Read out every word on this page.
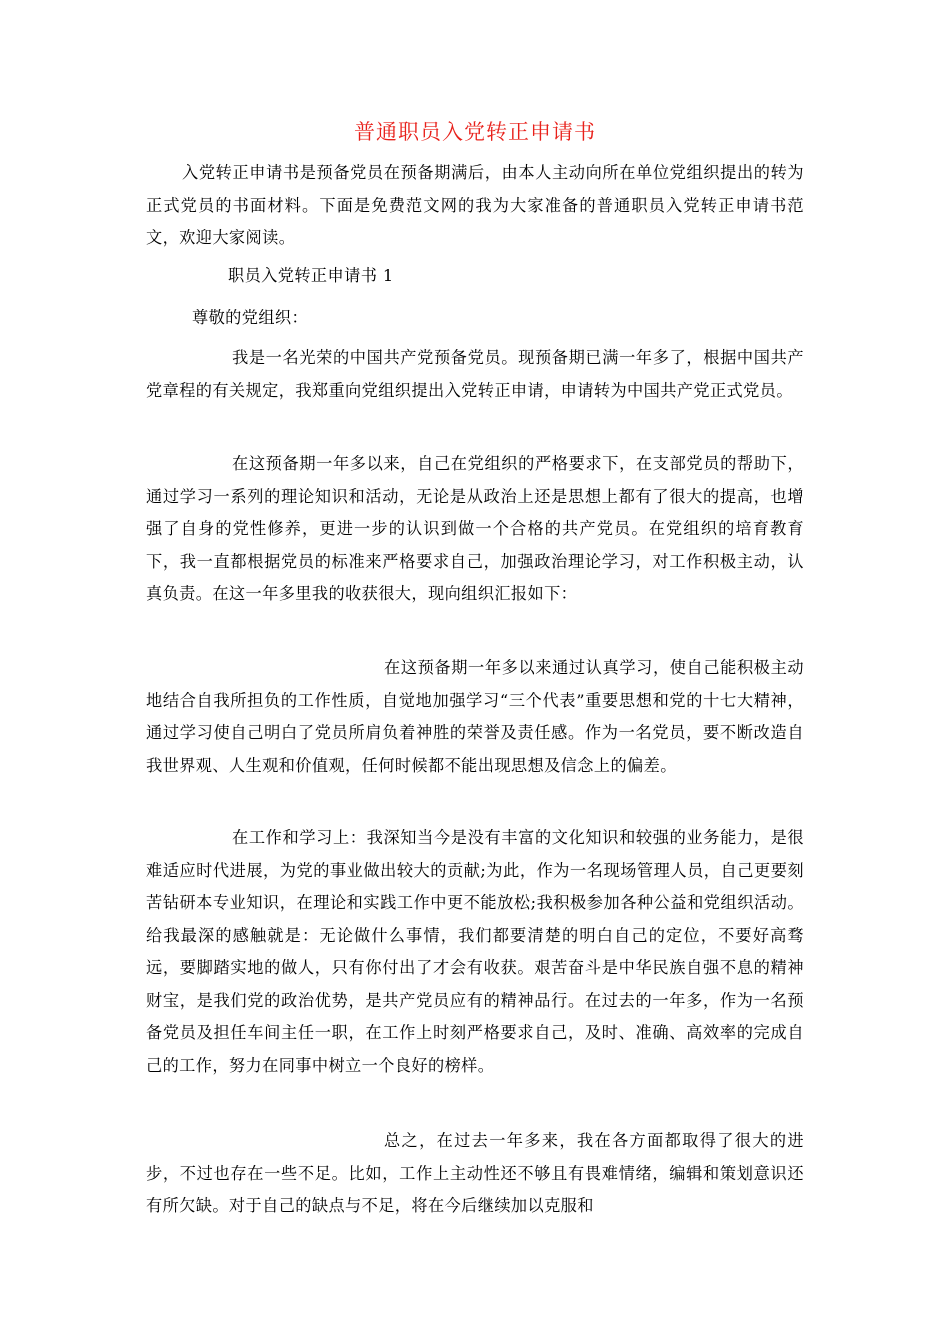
普通职员入党转正申请书

入党转正申请书是预备党员在预备期满后，由本人主动向所在单位党组织提出的转为正式党员的书面材料。下面是免费范文网的我为大家准备的普通职员入党转正申请书范文，欢迎大家阅读。

职员入党转正申请书 1

尊敬的党组织：

我是一名光荣的中国共产党预备党员。现预备期已满一年多了，根据中国共产党章程的有关规定，我郑重向党组织提出入党转正申请，申请转为中国共产党正式党员。

在这预备期一年多以来，自己在党组织的严格要求下，在支部党员的帮助下，通过学习一系列的理论知识和活动，无论是从政治上还是思想上都有了很大的提高，也增强了自身的党性修养，更进一步的认识到做一个合格的共产党员。在党组织的培育教育下，我一直都根据党员的标准来严格要求自己，加强政治理论学习，对工作积极主动，认真负责。在这一年多里我的收获很大，现向组织汇报如下：

在这预备期一年多以来通过认真学习，使自己能积极主动地结合自我所担负的工作性质，自觉地加强学习“三个代表”重要思想和党的十七大精神，通过学习使自己明白了党员所肩负着神胜的荣誉及责任感。作为一名党员，要不断改造自我世界观、人生观和价值观，任何时候都不能出现思想及信念上的偏差。

在工作和学习上：我深知当今是没有丰富的文化知识和较强的业务能力，是很难适应时代进展，为党的事业做出较大的贡献;为此，作为一名现场管理人员，自己更要刻苦钻研本专业知识，在理论和实践工作中更不能放松;我积极参加各种公益和党组织活动。给我最深的感触就是：无论做什么事情，我们都要清楚的明白自己的定位，不要好高骛远，要脚踏实地的做人，只有你付出了才会有收获。艰苦奋斗是中华民族自强不息的精神财宝，是我们党的政治优势，是共产党员应有的精神品行。在过去的一年多，作为一名预备党员及担任车间主任一职，在工作上时刻严格要求自己，及时、准确、高效率的完成自己的工作，努力在同事中树立一个良好的榜样。

总之，在过去一年多来，我在各方面都取得了很大的进步，不过也存在一些不足。比如，工作上主动性还不够且有畏难情绪，编辑和策划意识还有所欠缺。对于自己的缺点与不足，将在今后继续加以克服和
